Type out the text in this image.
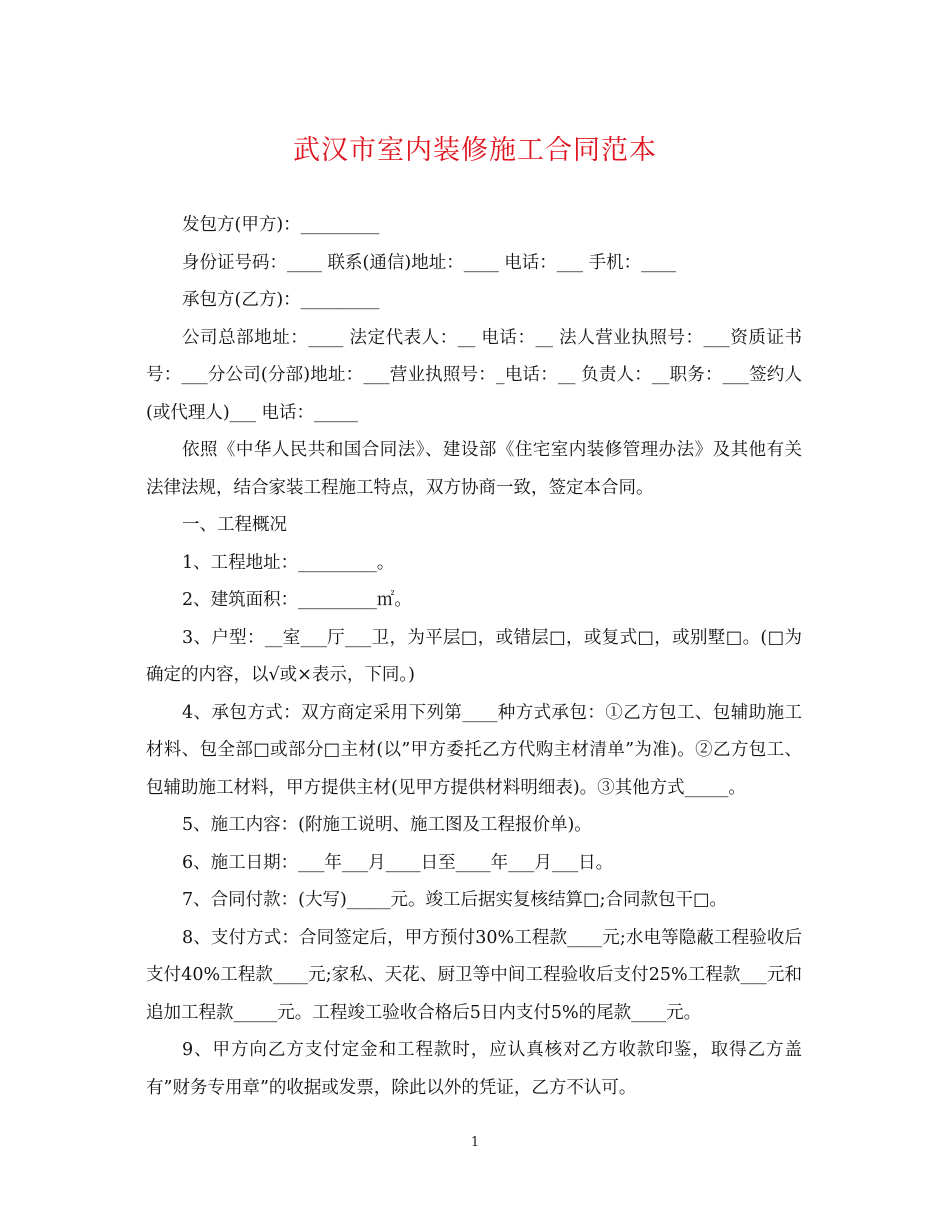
武汉市室内装修施工合同范本

发包方(甲方)：_________

身份证号码：____ 联系(通信)地址：____ 电话：___ 手机：____

承包方(乙方)：_________

公司总部地址：____ 法定代表人：__ 电话：__ 法人营业执照号：___资质证书号：___分公司(分部)地址：___营业执照号：_电话：__ 负责人：__职务：___签约人(或代理人)___ 电话：_____

依照《中华人民共和国合同法》、建设部《住宅室内装修管理办法》及其他有关法律法规，结合家装工程施工特点，双方协商一致，签定本合同。

一、工程概况

1、工程地址：_________。

2、建筑面积：_________㎡。

3、户型：__室___厅___卫，为平层□，或错层□，或复式□，或别墅□。(□为确定的内容，以√或×表示，下同。)

4、承包方式：双方商定采用下列第____种方式承包：①乙方包工、包辅助施工材料、包全部□或部分□主材(以”甲方委托乙方代购主材清单”为准)。②乙方包工、包辅助施工材料，甲方提供主材(见甲方提供材料明细表)。③其他方式_____。

5、施工内容：(附施工说明、施工图及工程报价单)。

6、施工日期：___年___月____日至____年___月___日。

7、合同付款：(大写)_____元。竣工后据实复核结算□;合同款包干□。

8、支付方式：合同签定后，甲方预付30%工程款____元;水电等隐蔽工程验收后支付40%工程款____元;家私、天花、厨卫等中间工程验收后支付25%工程款___元和追加工程款_____元。工程竣工验收合格后5日内支付5%的尾款____元。

9、甲方向乙方支付定金和工程款时，应认真核对乙方收款印鉴，取得乙方盖有”财务专用章”的收据或发票，除此以外的凭证，乙方不认可。

1
